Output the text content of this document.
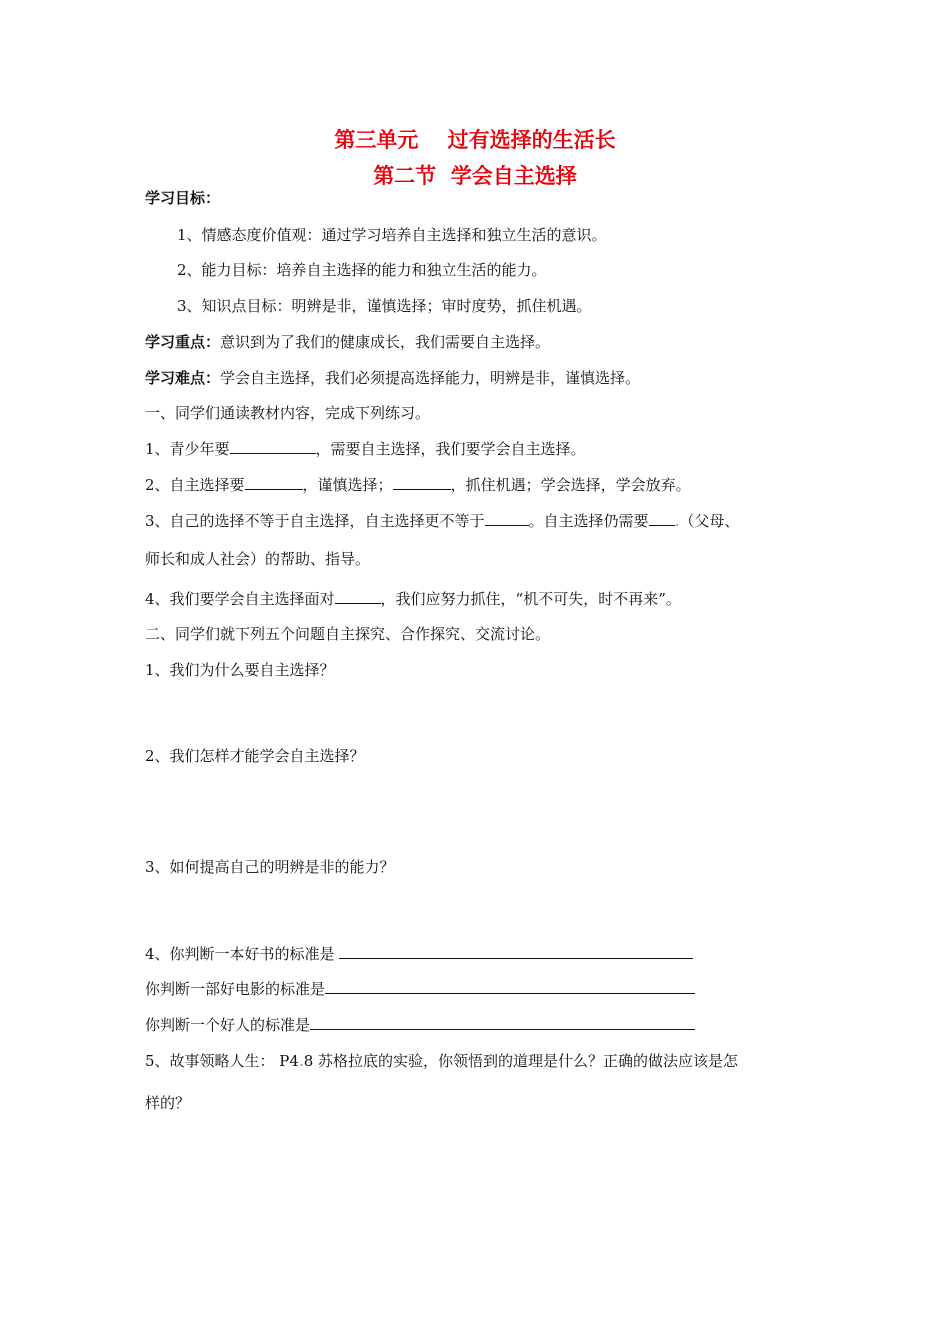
第三单元    过有选择的生活长
第二节  学会自主选择
学习目标：
1、情感态度价值观：通过学习培养自主选择和独立生活的意识。
2、能力目标：培养自主选择的能力和独立生活的能力。
3、知识点目标：明辨是非，谨慎选择；审时度势，抓住机遇。
学习重点：意识到为了我们的健康成长，我们需要自主选择。
学习难点：学会自主选择，我们必须提高选择能力，明辨是非，谨慎选择。
一、同学们通读教材内容，完成下列练习。
1、青少年要	，需要自主选择，我们要学会自主选择。
2、自主选择要	，谨慎选择；	，抓住机遇；学会选择，学会放弃。
3、自己的选择不等于自主选择，自主选择更不等于	。自主选择仍需要 .（父母、
师长和成人社会）的帮助、指导。
4、我们要学会自主选择面对	，我们应努力抓住，“机不可失，时不再来”。
二、同学们就下列五个问题自主探究、合作探究、交流讨论。
1、我们为什么要自主选择？
2、我们怎样才能学会自主选择？
3、如何提高自己的明辨是非的能力？
4、你判断一本好书的标准是
你判断一部好电影的标准是
你判断一个好人的标准是
5、故事领略人生： P4.8 苏格拉底的实验，你领悟到的道理是什么？正确的做法应该是怎
样的？
